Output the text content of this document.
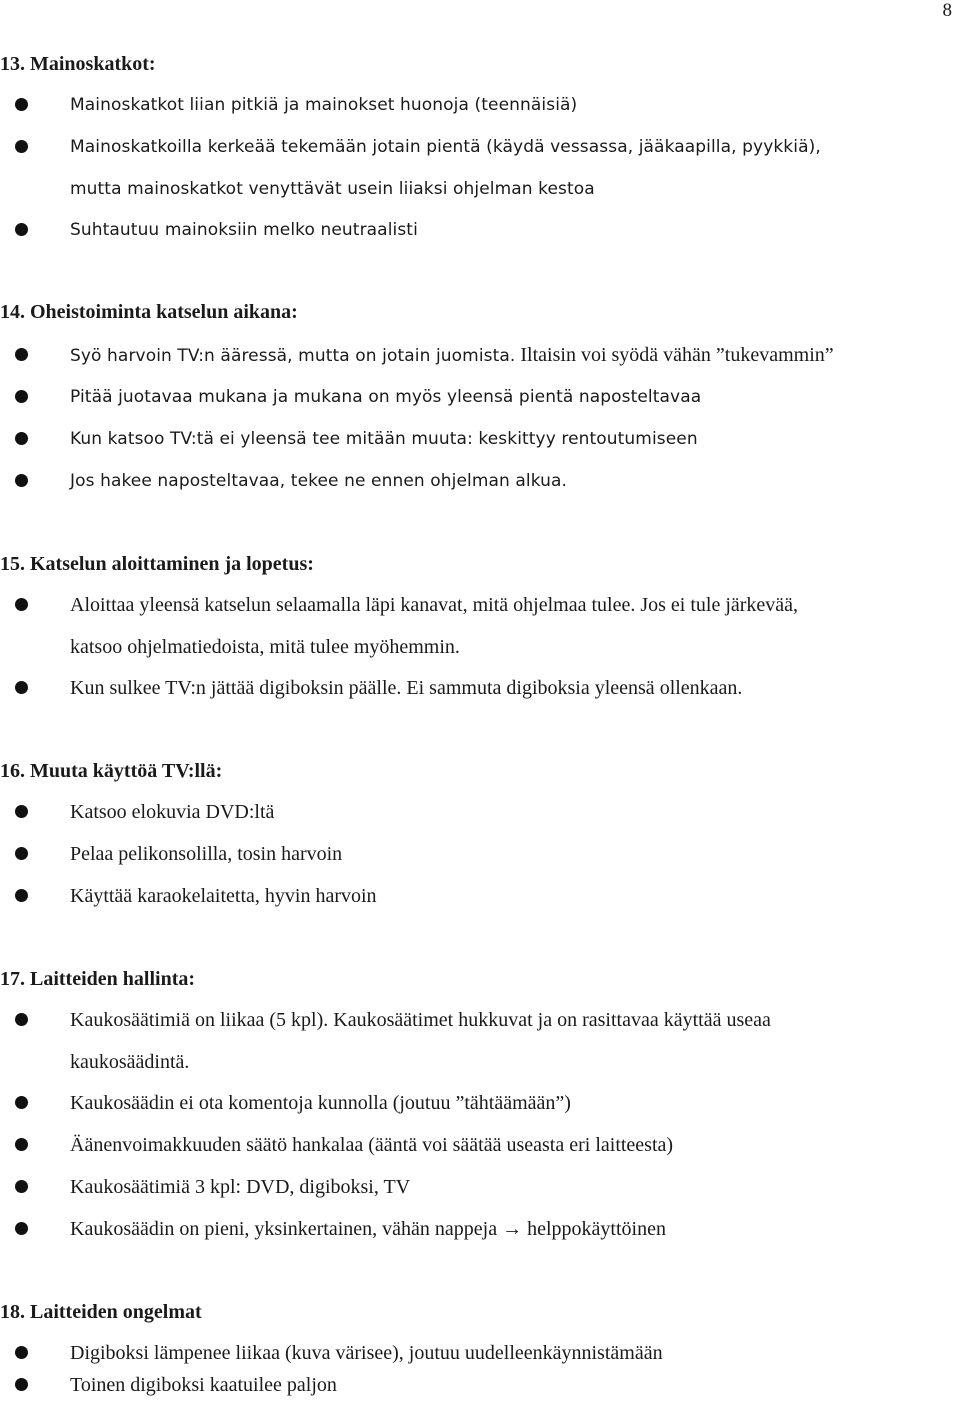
8
13. Mainoskatkot:
Mainoskatkot liian pitkiä ja mainokset huonoja (teennäisiä)
Mainoskatkoilla kerkeää tekemään jotain pientä (käydä vessassa, jääkaapilla, pyykkiä),
mutta mainoskatkot venyttävät usein liiaksi ohjelman kestoa
Suhtautuu mainoksiin melko neutraalisti
14. Oheistoiminta katselun aikana:
Syö harvoin TV:n ääressä, mutta on jotain juomista. Iltaisin voi syödä vähän ”tukevammin”
Pitää juotavaa mukana ja mukana on myös yleensä pientä naposteltavaa
Kun katsoo TV:tä ei yleensä tee mitään muuta: keskittyy rentoutumiseen
Jos hakee naposteltavaa, tekee ne ennen ohjelman alkua.
15. Katselun aloittaminen ja lopetus:
Aloittaa yleensä katselun selaamalla läpi kanavat, mitä ohjelmaa tulee. Jos ei tule järkevää,
katsoo ohjelmatiedoista, mitä tulee myöhemmin.
Kun sulkee TV:n jättää digiboksin päälle. Ei sammuta digiboksia yleensä ollenkaan.
16. Muuta käyttöä TV:llä:
Katsoo elokuvia DVD:ltä
Pelaa pelikonsolilla, tosin harvoin
Käyttää karaokelaitetta, hyvin harvoin
17. Laitteiden hallinta:
Kaukosäätimiä on liikaa (5 kpl). Kaukosäätimet hukkuvat ja on rasittavaa käyttää useaa
kaukosäädintä.
Kaukosäädin ei ota komentoja kunnolla (joutuu ”tähtäämään”)
Äänenvoimakkuuden säätö hankalaa (ääntä voi säätää useasta eri laitteesta)
Kaukosäätimiä 3 kpl: DVD, digiboksi, TV
Kaukosäädin on pieni, yksinkertainen, vähän nappeja → helppokäyttöinen
18. Laitteiden ongelmat
Digiboksi lämpenee liikaa (kuva värisee), joutuu uudelleenkäynnistämään
Toinen digiboksi kaatuilee paljon
